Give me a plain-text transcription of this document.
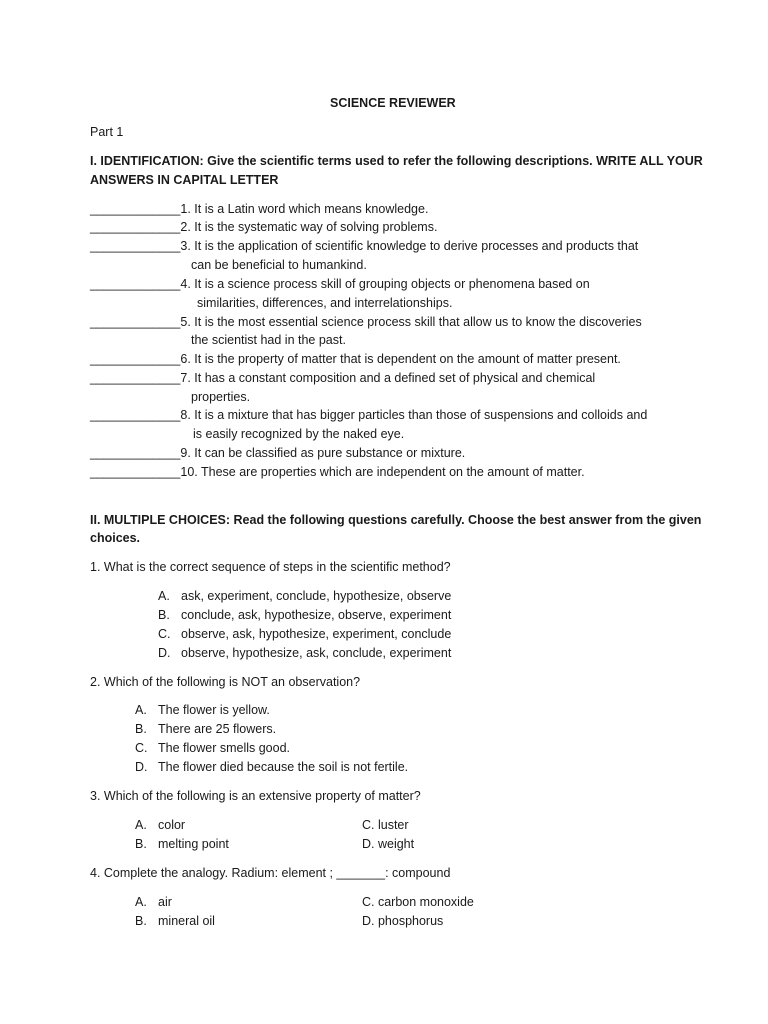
SCIENCE REVIEWER
Part 1
I. IDENTIFICATION: Give the scientific terms used to refer the following descriptions. WRITE ALL YOUR
ANSWERS IN CAPITAL LETTER
_____________1. It is a Latin word which means knowledge.
_____________2. It is the systematic way of solving problems.
_____________3. It is the application of scientific knowledge to derive processes and products that
can be beneficial to humankind.
_____________4. It is a science process skill of grouping objects or phenomena based on
similarities, differences, and interrelationships.
_____________5. It is the most essential science process skill that allow us to know the discoveries
the scientist had in the past.
_____________6. It is the property of matter that is dependent on the amount of matter present.
_____________7. It has a constant composition and a defined set of physical and chemical
properties.
_____________8. It is a mixture that has bigger particles than those of suspensions and colloids and
is easily recognized by the naked eye.
_____________9. It can be classified as pure substance or mixture.
_____________10. These are properties which are independent on the amount of matter.
II. MULTIPLE CHOICES: Read the following questions carefully. Choose the best answer from the given
choices.
1. What is the correct sequence of steps in the scientific method?
A. ask, experiment, conclude, hypothesize, observe
B. conclude, ask, hypothesize, observe, experiment
C. observe, ask, hypothesize, experiment, conclude
D. observe, hypothesize, ask, conclude, experiment
2. Which of the following is NOT an observation?
A. The flower is yellow.
B. There are 25 flowers.
C. The flower smells good.
D. The flower died because the soil is not fertile.
3. Which of the following is an extensive property of matter?
A. color
B. melting point
C. luster
D. weight
4. Complete the analogy. Radium: element ; _______: compound
A. air
B. mineral oil
C. carbon monoxide
D. phosphorus
